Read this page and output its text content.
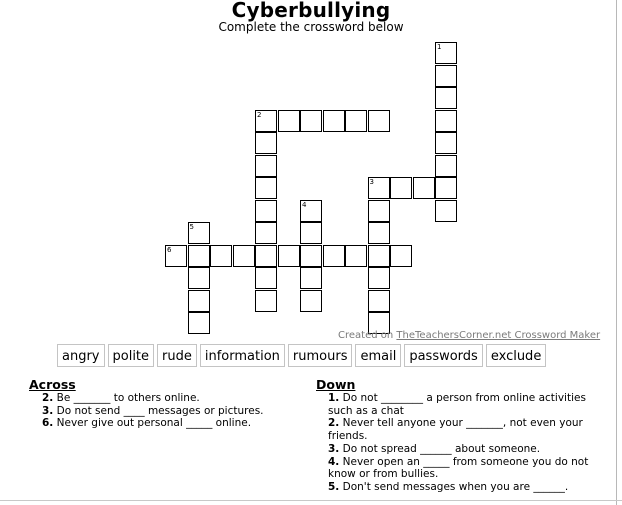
Cyberbullying
Complete the crossword below
1
2
3
4
5
6
Created on TheTeachersCorner.net Crossword Maker
angry	polite	rude	information	rumours	email	passwords	exclude
Across
2. Be _______ to others online.
3. Do not send ____ messages or pictures.
6. Never give out personal _____ online.
Down
1. Do not ________ a person from online activities such as a chat
2. Never tell anyone your _______, not even your friends.
3. Do not spread ______ about someone.
4. Never open an _____ from someone you do not know or from bullies.
5. Don't send messages when you are ______.
